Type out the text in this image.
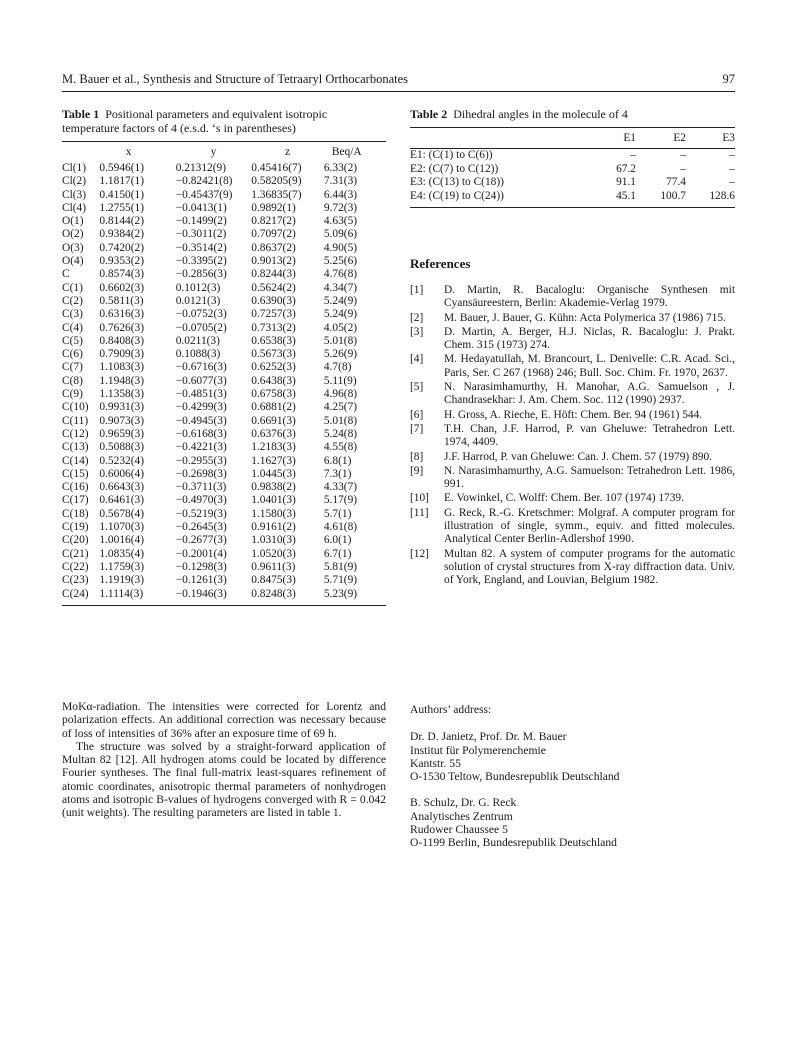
M. Bauer et al., Synthesis and Structure of Tetraaryl Orthocarbonates	97
Table 1 Positional parameters and equivalent isotropic temperature factors of 4 (e.s.d. ‘s in parentheses)
	x	y	z	Beq/A
Cl(1)	0.5946(1)	0.21312(9)	0.45416(7)	6.33(2)
Cl(2)	1.1817(1)	−0.82421(8)	0.58205(9)	7.31(3)
Cl(3)	0.4150(1)	−0.45437(9)	1.36835(7)	6.44(3)
Cl(4)	1.2755(1)	−0.0413(1)	0.9892(1)	9.72(3)
O(1)	0.8144(2)	−0.1499(2)	0.8217(2)	4.63(5)
O(2)	0.9384(2)	−0.3011(2)	0.7097(2)	5.09(6)
O(3)	0.7420(2)	−0.3514(2)	0.8637(2)	4.90(5)
O(4)	0.9353(2)	−0.3395(2)	0.9013(2)	5.25(6)
C	0.8574(3)	−0.2856(3)	0.8244(3)	4.76(8)
C(1)	0.6602(3)	0.1012(3)	0.5624(2)	4.34(7)
C(2)	0.5811(3)	0.0121(3)	0.6390(3)	5.24(9)
C(3)	0.6316(3)	−0.0752(3)	0.7257(3)	5.24(9)
C(4)	0.7626(3)	−0.0705(2)	0.7313(2)	4.05(2)
C(5)	0.8408(3)	0.0211(3)	0.6538(3)	5.01(8)
C(6)	0.7909(3)	0.1088(3)	0.5673(3)	5.26(9)
C(7)	1.1083(3)	−0.6716(3)	0.6252(3)	4.7(8)
C(8)	1.1948(3)	−0.6077(3)	0.6438(3)	5.11(9)
C(9)	1.1358(3)	−0.4851(3)	0.6758(3)	4.96(8)
C(10)	0.9931(3)	−0.4299(3)	0.6881(2)	4.25(7)
C(11)	0.9073(3)	−0.4945(3)	0.6691(3)	5.01(8)
C(12)	0.9659(3)	−0.6168(3)	0.6376(3)	5.24(8)
C(13)	0.5088(3)	−0.4221(3)	1.2183(3)	4.55(8)
C(14)	0.5232(4)	−0.2955(3)	1.1627(3)	6.8(1)
C(15)	0.6006(4)	−0.2698(3)	1.0445(3)	7.3(1)
C(16)	0.6643(3)	−0.3711(3)	0.9838(2)	4.33(7)
C(17)	0.6461(3)	−0.4970(3)	1.0401(3)	5.17(9)
C(18)	0.5678(4)	−0.5219(3)	1.1580(3)	5.7(1)
C(19)	1.1070(3)	−0.2645(3)	0.9161(2)	4.61(8)
C(20)	1.0016(4)	−0.2677(3)	1.0310(3)	6.0(1)
C(21)	1.0835(4)	−0.2001(4)	1.0520(3)	6.7(1)
C(22)	1.1759(3)	−0.1298(3)	0.9611(3)	5.81(9)
C(23)	1.1919(3)	−0.1261(3)	0.8475(3)	5.71(9)
C(24)	1.1114(3)	−0.1946(3)	0.8248(3)	5.23(9)
Table 2 Dihedral angles in the molecule of 4
	E1	E2	E3
E1: (C(1) to C(6))	–	–	–
E2: (C(7) to C(12))	67.2	–	–
E3: (C(13) to C(18))	91.1	77.4	–
E4: (C(19) to C(24))	45.1	100.7	128.6
References
[1]	D. Martin, R. Bacaloglu: Organische Synthesen mit Cyansäureestern, Berlin: Akademie-Verlag 1979.
[2]	M. Bauer, J. Bauer, G. Kühn: Acta Polymerica 37 (1986) 715.
[3]	D. Martin, A. Berger, H.J. Niclas, R. Bacaloglu: J. Prakt. Chem. 315 (1973) 274.
[4]	M. Hedayatullah, M. Brancourt, L. Denivelle: C.R. Acad. Sci., Paris, Ser. C 267 (1968) 246; Bull. Soc. Chim. Fr. 1970, 2637.
[5]	N. Narasimhamurthy, H. Manohar, A.G. Samuelson , J. Chandrasekhar: J. Am. Chem. Soc. 112 (1990) 2937.
[6]	H. Gross, A. Rieche, E. Höft: Chem. Ber. 94 (1961) 544.
[7]	T.H. Chan, J.F. Harrod, P. van Gheluwe: Tetrahedron Lett. 1974, 4409.
[8]	J.F. Harrod, P. van Gheluwe: Can. J. Chem. 57 (1979) 890.
[9]	N. Narasimhamurthy, A.G. Samuelson: Tetrahedron Lett. 1986, 991.
[10]	E. Vowinkel, C. Wolff: Chem. Ber. 107 (1974) 1739.
[11]	G. Reck, R.-G. Kretschmer: Molgraf. A computer program for illustration of single, symm., equiv. and fitted molecules. Analytical Center Berlin-Adlershof 1990.
[12]	Multan 82. A system of computer programs for the automatic solution of crystal structures from X-ray diffraction data. Univ. of York, England, and Louvian, Belgium 1982.

MoKα-radiation. The intensities were corrected for Lorentz and polarization effects. An additional correction was necessary because of loss of intensities of 36% after an exposure time of 69 h.

The structure was solved by a straight-forward application of Multan 82 [12]. All hydrogen atoms could be located by difference Fourier syntheses. The final full-matrix least-squares refinement of atomic coordinates, anisotropic thermal parameters of nonhydrogen atoms and isotropic B-values of hydrogens converged with R = 0.042 (unit weights). The resulting parameters are listed in table 1.

Authors’ address:
Dr. D. Janietz, Prof. Dr. M. Bauer
Institut für Polymerenchemie
Kantstr. 55
O-1530 Teltow, Bundesrepublik Deutschland
B. Schulz, Dr. G. Reck
Analytisches Zentrum
Rudower Chaussee 5
O-1199 Berlin, Bundesrepublik Deutschland
